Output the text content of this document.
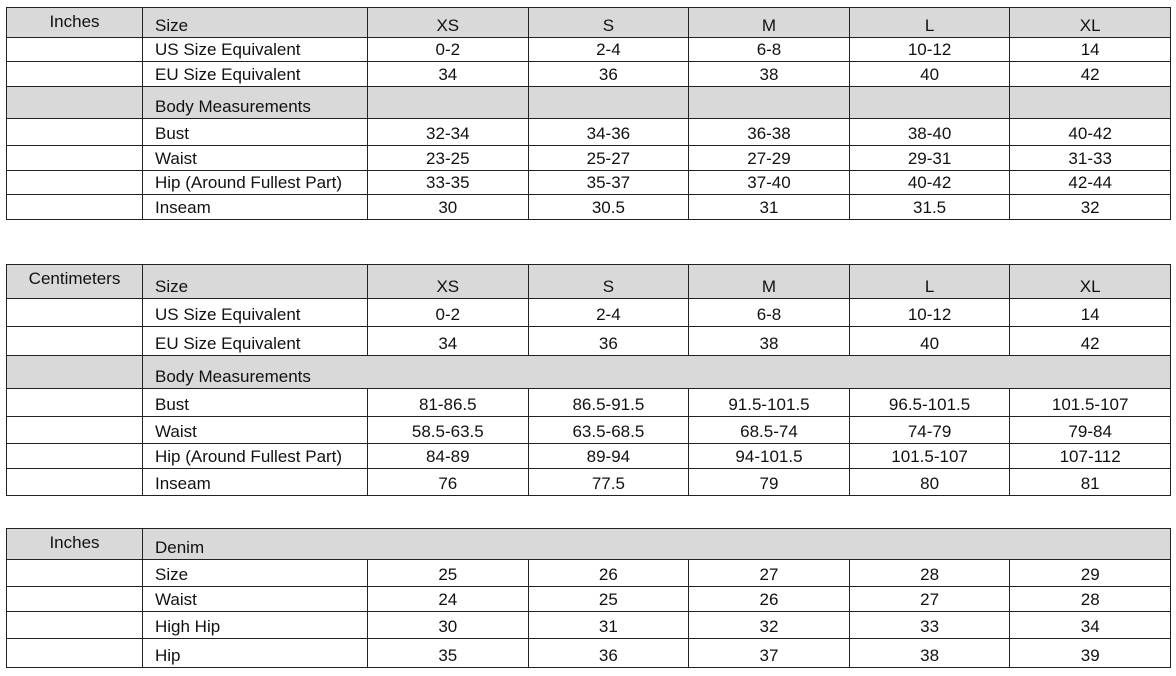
Inches	Size	XS	S	M	L	XL
	US Size Equivalent	0-2	2-4	6-8	10-12	14
	EU Size Equivalent	34	36	38	40	42
	Body Measurements					
	Bust	32-34	34-36	36-38	38-40	40-42
	Waist	23-25	25-27	27-29	29-31	31-33
	Hip (Around Fullest Part)	33-35	35-37	37-40	40-42	42-44
	Inseam	30	30.5	31	31.5	32
Centimeters	Size	XS	S	M	L	XL
	US Size Equivalent	0-2	2-4	6-8	10-12	14
	EU Size Equivalent	34	36	38	40	42
	Body Measurements					
	Bust	81-86.5	86.5-91.5	91.5-101.5	96.5-101.5	101.5-107
	Waist	58.5-63.5	63.5-68.5	68.5-74	74-79	79-84
	Hip (Around Fullest Part)	84-89	89-94	94-101.5	101.5-107	107-112
	Inseam	76	77.5	79	80	81
Inches	Denim					
	Size	25	26	27	28	29
	Waist	24	25	26	27	28
	High Hip	30	31	32	33	34
	Hip	35	36	37	38	39
